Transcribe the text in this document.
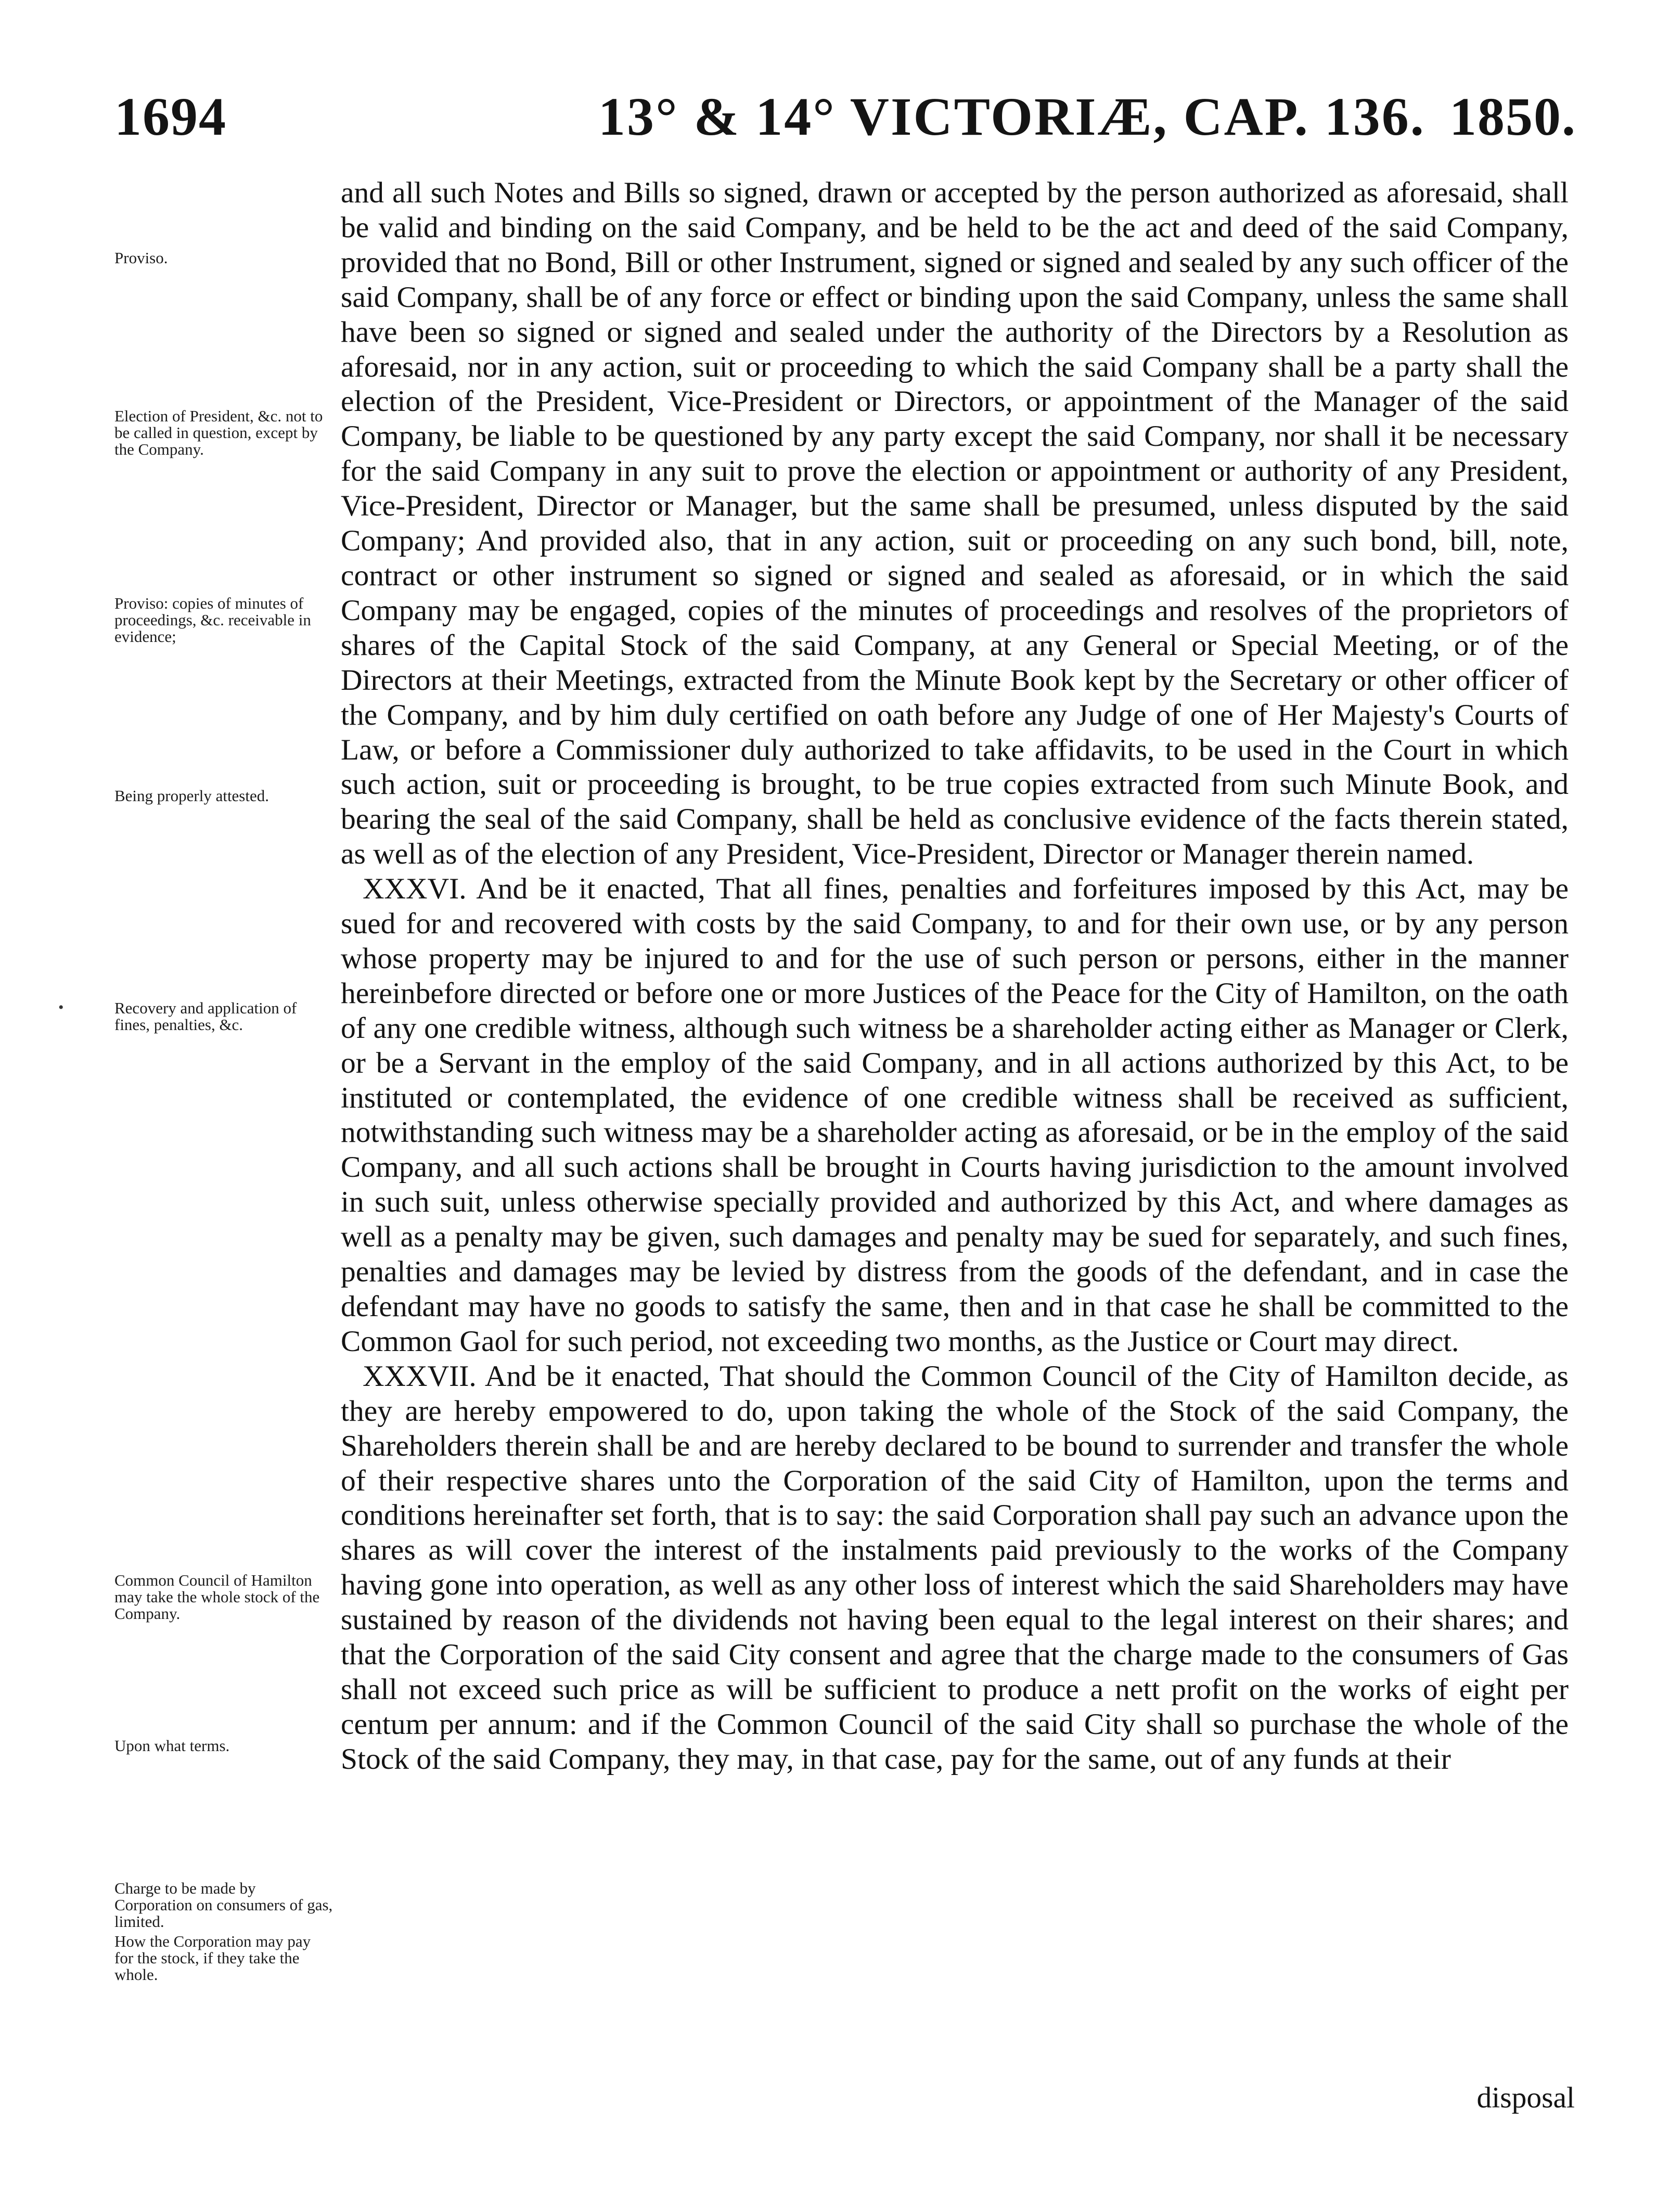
1694	13° & 14° VICTORIÆ, CAP. 136. 1850.
•
Proviso.
Election of President, &c. not to be called in question, except by the Company.
Proviso: copies of minutes of proceedings, &c. receivable in evidence;
Being properly attested.
Recovery and application of fines, penalties, &c.
Common Council of Hamilton may take the whole stock of the Company.
Upon what terms.
Charge to be made by Corporation on consumers of gas, limited.
How the Corporation may pay for the stock, if they take the whole.

and all such Notes and Bills so signed, drawn or accepted by the person authorized as aforesaid, shall be valid and binding on the said Company, and be held to be the act and deed of the said Company, provided that no Bond, Bill or other Instrument, signed or signed and sealed by any such officer of the said Company, shall be of any force or effect or binding upon the said Company, unless the same shall have been so signed or signed and sealed under the authority of the Directors by a Resolution as aforesaid, nor in any action, suit or proceeding to which the said Company shall be a party shall the election of the President, Vice-President or Directors, or appointment of the Manager of the said Company, be liable to be questioned by any party except the said Company, nor shall it be necessary for the said Company in any suit to prove the election or appointment or authority of any President, Vice-President, Director or Manager, but the same shall be presumed, unless disputed by the said Company; And provided also, that in any action, suit or proceeding on any such bond, bill, note, contract or other instrument so signed or signed and sealed as aforesaid, or in which the said Company may be engaged, copies of the minutes of proceedings and resolves of the proprietors of shares of the Capital Stock of the said Company, at any General or Special Meeting, or of the Directors at their Meetings, extracted from the Minute Book kept by the Secretary or other officer of the Company, and by him duly certified on oath before any Judge of one of Her Majesty's Courts of Law, or before a Commissioner duly authorized to take affidavits, to be used in the Court in which such action, suit or proceeding is brought, to be true copies extracted from such Minute Book, and bearing the seal of the said Company, shall be held as conclusive evidence of the facts therein stated, as well as of the election of any President, Vice-President, Director or Manager therein named.

XXXVI. And be it enacted, That all fines, penalties and forfeitures imposed by this Act, may be sued for and recovered with costs by the said Company, to and for their own use, or by any person whose property may be injured to and for the use of such person or persons, either in the manner hereinbefore directed or before one or more Justices of the Peace for the City of Hamilton, on the oath of any one credible witness, although such witness be a shareholder acting either as Manager or Clerk, or be a Servant in the employ of the said Company, and in all actions authorized by this Act, to be instituted or contemplated, the evidence of one credible witness shall be received as sufficient, notwithstanding such witness may be a shareholder acting as aforesaid, or be in the employ of the said Company, and all such actions shall be brought in Courts having jurisdiction to the amount involved in such suit, unless otherwise specially provided and authorized by this Act, and where damages as well as a penalty may be given, such damages and penalty may be sued for separately, and such fines, penalties and damages may be levied by distress from the goods of the defendant, and in case the defendant may have no goods to satisfy the same, then and in that case he shall be committed to the Common Gaol for such period, not exceeding two months, as the Justice or Court may direct.

XXXVII. And be it enacted, That should the Common Council of the City of Hamilton decide, as they are hereby empowered to do, upon taking the whole of the Stock of the said Company, the Shareholders therein shall be and are hereby declared to be bound to surrender and transfer the whole of their respective shares unto the Corporation of the said City of Hamilton, upon the terms and conditions hereinafter set forth, that is to say: the said Corporation shall pay such an advance upon the shares as will cover the interest of the instalments paid previously to the works of the Company having gone into operation, as well as any other loss of interest which the said Shareholders may have sustained by reason of the dividends not having been equal to the legal interest on their shares; and that the Corporation of the said City consent and agree that the charge made to the consumers of Gas shall not exceed such price as will be sufficient to produce a nett profit on the works of eight per centum per annum: and if the Common Council of the said City shall so purchase the whole of the Stock of the said Company, they may, in that case, pay for the same, out of any funds at their

disposal
